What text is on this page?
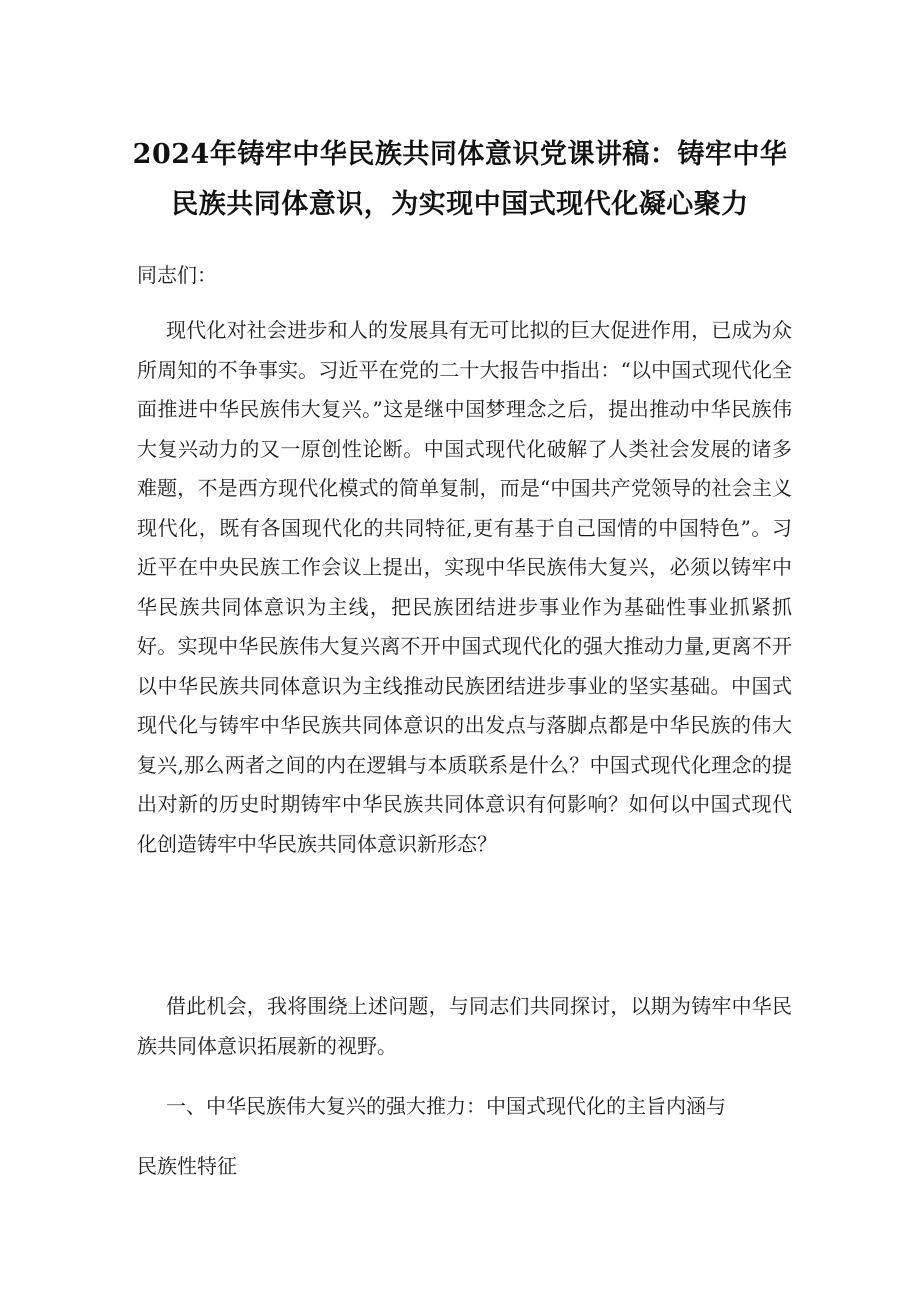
2024年铸牢中华民族共同体意识党课讲稿：铸牢中华民族共同体意识，为实现中国式现代化凝心聚力

同志们：

现代化对社会进步和人的发展具有无可比拟的巨大促进作用，已成为众所周知的不争事实。习近平在党的二十大报告中指出：“以中国式现代化全面推进中华民族伟大复兴。”这是继中国梦理念之后，提出推动中华民族伟大复兴动力的又一原创性论断。中国式现代化破解了人类社会发展的诸多难题，不是西方现代化模式的简单复制，而是“中国共产党领导的社会主义现代化，既有各国现代化的共同特征,更有基于自己国情的中国特色”。习近平在中央民族工作会议上提出，实现中华民族伟大复兴，必须以铸牢中华民族共同体意识为主线，把民族团结进步事业作为基础性事业抓紧抓好。实现中华民族伟大复兴离不开中国式现代化的强大推动力量,更离不开以中华民族共同体意识为主线推动民族团结进步事业的坚实基础。中国式现代化与铸牢中华民族共同体意识的出发点与落脚点都是中华民族的伟大复兴,那么两者之间的内在逻辑与本质联系是什么？中国式现代化理念的提出对新的历史时期铸牢中华民族共同体意识有何影响？如何以中国式现代化创造铸牢中华民族共同体意识新形态？

借此机会，我将围绕上述问题，与同志们共同探讨，以期为铸牢中华民族共同体意识拓展新的视野。

一、中华民族伟大复兴的强大推力：中国式现代化的主旨内涵与

民族性特征
